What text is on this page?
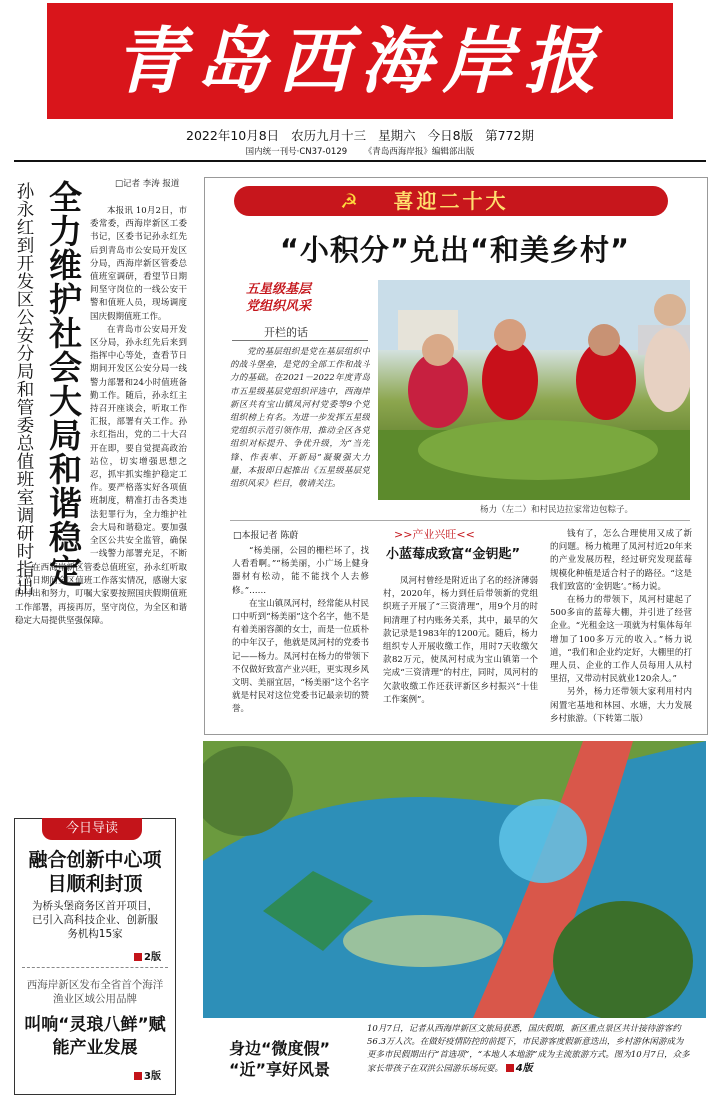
青岛西海岸报
2022年10月8日 农历九月十三 星期六 今日8版 第772期
国内统一刊号·CN37-0129 《青岛西海岸报》编辑部出版
孙永红到开发区公安分局和管委总值班室调研时指出 全力维护社会大局和谐稳定	□记者 李涛 报道

本报讯 10月2日，市委常委，西海岸新区工委书记，区委书记孙永红先后到青岛市公安局开发区分局，西海岸新区管委总值班室调研，看望节日期间坚守岗位的一线公安干警和值班人员，现场调度国庆假期值班工作。

在青岛市公安局开发区分局，孙永红先后来到指挥中心等处，查看节日期间开发区公安分局一线警力部署和24小时值班备勤工作。随后，孙永红主持召开座谈会，听取工作汇报，部署有关工作。孙永红指出，党的二十大召开在即，要自觉提高政治站位，切实增强思想之忍，抓牢抓实维护稳定工作。要严格落实好各项值班制度，精准打击各类违法犯罪行为，全力维护社会大局和谐稳定。要加强全区公共安全监管，确保一线警力部署充足，不断

在西海岸新区管委总值班室，孙永红听取了节日期间全区值班工作落实情况，感谢大家的付出和努力，叮嘱大家要按照国庆假期值班工作部署，再接再厉，坚守岗位，为全区和谐稳定大局提供坚强保障。

今日导读
融合创新中心项目顺利封顶
为桥头堡商务区首开项目，已引入高科技企业、创新服务机构15家
2版
西海岸新区发布全省首个海洋渔业区域公用品牌
叫响“灵琅八鲜”赋能产业发展
3版
☭	喜迎二十大
“小积分”兑出“和美乡村”
五星级基层
党组织风采
开栏的话

党的基层组织是党在基层组织中的战斗堡垒，是党的全部工作和战斗力的基础。在2021－2022年度青岛市五星级基层党组织评选中，西海岸新区共有宝山镇凤河村党委等9个党组织榜上有名。为进一步发挥五星级党组织示范引领作用，推动全区各党组织对标提升、争优升级，为“当先锋、作表率、开新局”凝聚强大力量，本报即日起推出《五星级基层党组织风采》栏目，敬请关注。

杨力（左二）和村民边拉家常边包粽子。
□本报记者 陈蔚

“杨美丽，公园的栅栏坏了，找人看看啊。”“杨美丽，小广场上健身器材有松动，能不能找个人去修修。”……

在宝山镇凤河村，经常能从村民口中听到“杨美丽”这个名字，他不是有着美丽容颜的女士，而是一位质朴的中年汉子，他就是凤河村的党委书记——杨力。凤河村在杨力的带领下不仅做好致富产业兴旺，更实现乡风文明、美丽宜居，“杨美丽”这个名字就是村民对这位党委书记最亲切的赞誉。

>>产业兴旺<<
小蓝莓成致富“金钥匙”

凤河村曾经是附近出了名的经济薄弱村，2020年，杨力到任后带领新的党组织班子开展了“三资清理”，用9个月的时间清理了村内账务关系，其中，最早的欠款记录是1983年的1200元。随后，杨力组织专人开展收缴工作，用时7天收缴欠款82万元，使凤河村成为宝山镇第一个完成“三资清理”的村庄，同时，凤河村的欠款收缴工作还获评新区乡村振兴“十佳工作案例”。

钱有了，怎么合理使用又成了新的问题。杨力梳理了凤河村近20年来的产业发展历程，经过研究发现蓝莓规模化种植是适合村子的路径。“这是我们致富的‘金钥匙’。”杨力说。

在杨力的带领下，凤河村建起了500多亩的蓝莓大棚，并引进了经营企业。“光租金这一项就为村集体每年增加了100多万元的收入。”杨力说道，“我们和企业约定好，大棚里的打理人员、企业的工作人员每用人从村里招，又带动村民就业120余人。”

另外，杨力还带领大家利用村内闲置宅基地和林园、水塘，大力发展乡村旅游。（下转第二版）

身边“微度假”
“近”享好风景
10月7日，记者从西海岸新区文旅局获悉，国庆假期，新区重点景区共计接待游客约56.3万人次。在做好疫情防控的前提下，市民游客度假新意迭出，乡村游休闲游成为更多市民假期出行“首选项”，“本地人本地游”成为主流旅游方式。图为10月7日，众多家长带孩子在双洪公园游乐场玩耍。 4版
